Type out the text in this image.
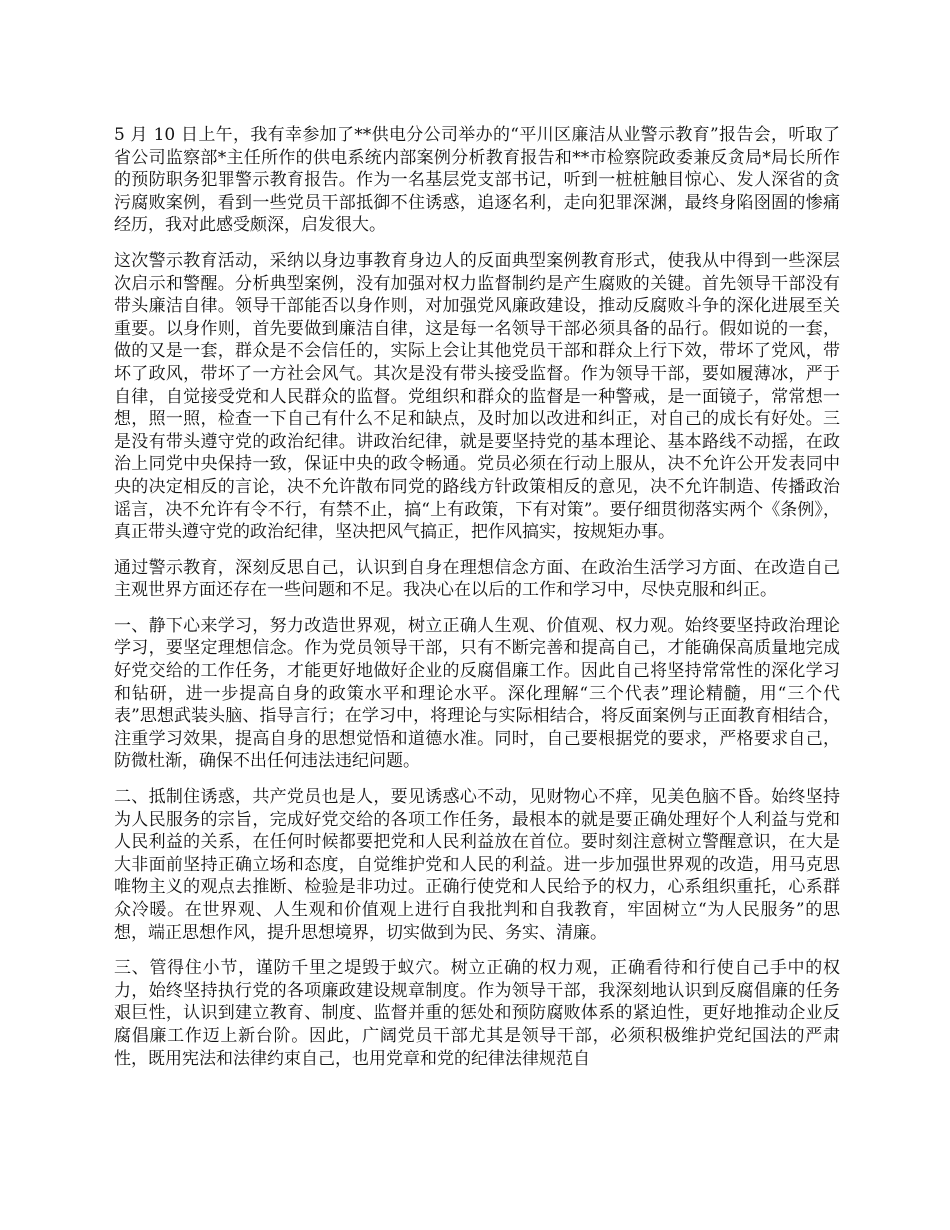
5 月 10 日上午，我有幸参加了**供电分公司举办的“平川区廉洁从业警示教育”报告会，听取了省公司监察部*主任所作的供电系统内部案例分析教育报告和**市检察院政委兼反贪局*局长所作的预防职务犯罪警示教育报告。作为一名基层党支部书记，听到一桩桩触目惊心、发人深省的贪污腐败案例，看到一些党员干部抵御不住诱惑，追逐名利，走向犯罪深渊，最终身陷囹圄的惨痛经历，我对此感受颇深，启发很大。

这次警示教育活动，采纳以身边事教育身边人的反面典型案例教育形式，使我从中得到一些深层次启示和警醒。分析典型案例，没有加强对权力监督制约是产生腐败的关键。首先领导干部没有带头廉洁自律。领导干部能否以身作则，对加强党风廉政建设，推动反腐败斗争的深化进展至关重要。以身作则，首先要做到廉洁自律，这是每一名领导干部必须具备的品行。假如说的一套，做的又是一套，群众是不会信任的，实际上会让其他党员干部和群众上行下效，带坏了党风，带坏了政风，带坏了一方社会风气。其次是没有带头接受监督。作为领导干部，要如履薄冰，严于自律，自觉接受党和人民群众的监督。党组织和群众的监督是一种警戒，是一面镜子，常常想一想，照一照，检查一下自己有什么不足和缺点，及时加以改进和纠正，对自己的成长有好处。三是没有带头遵守党的政治纪律。讲政治纪律，就是要坚持党的基本理论、基本路线不动摇，在政治上同党中央保持一致，保证中央的政令畅通。党员必须在行动上服从，决不允许公开发表同中央的决定相反的言论，决不允许散布同党的路线方针政策相反的意见，决不允许制造、传播政治谣言，决不允许有令不行，有禁不止，搞“上有政策，下有对策”。要仔细贯彻落实两个《条例》，真正带头遵守党的政治纪律，坚决把风气搞正，把作风搞实，按规矩办事。

通过警示教育，深刻反思自己，认识到自身在理想信念方面、在政治生活学习方面、在改造自己主观世界方面还存在一些问题和不足。我决心在以后的工作和学习中，尽快克服和纠正。

一、静下心来学习，努力改造世界观，树立正确人生观、价值观、权力观。始终要坚持政治理论学习，要坚定理想信念。作为党员领导干部，只有不断完善和提高自己，才能确保高质量地完成好党交给的工作任务，才能更好地做好企业的反腐倡廉工作。因此自己将坚持常常性的深化学习和钻研，进一步提高自身的政策水平和理论水平。深化理解“三个代表”理论精髓，用“三个代表”思想武装头脑、指导言行；在学习中，将理论与实际相结合，将反面案例与正面教育相结合，注重学习效果，提高自身的思想觉悟和道德水准。同时，自己要根据党的要求，严格要求自己，防微杜渐，确保不出任何违法违纪问题。

二、抵制住诱惑，共产党员也是人，要见诱惑心不动，见财物心不痒，见美色脑不昏。始终坚持为人民服务的宗旨，完成好党交给的各项工作任务，最根本的就是要正确处理好个人利益与党和人民利益的关系，在任何时候都要把党和人民利益放在首位。要时刻注意树立警醒意识，在大是大非面前坚持正确立场和态度，自觉维护党和人民的利益。进一步加强世界观的改造，用马克思唯物主义的观点去推断、检验是非功过。正确行使党和人民给予的权力，心系组织重托，心系群众冷暖。在世界观、人生观和价值观上进行自我批判和自我教育，牢固树立“为人民服务”的思想，端正思想作风，提升思想境界，切实做到为民、务实、清廉。

三、管得住小节，谨防千里之堤毁于蚁穴。树立正确的权力观，正确看待和行使自己手中的权力，始终坚持执行党的各项廉政建设规章制度。作为领导干部，我深刻地认识到反腐倡廉的任务艰巨性，认识到建立教育、制度、监督并重的惩处和预防腐败体系的紧迫性，更好地推动企业反腐倡廉工作迈上新台阶。因此，广阔党员干部尤其是领导干部，必须积极维护党纪国法的严肃性，既用宪法和法律约束自己，也用党章和党的纪律法律规范自
